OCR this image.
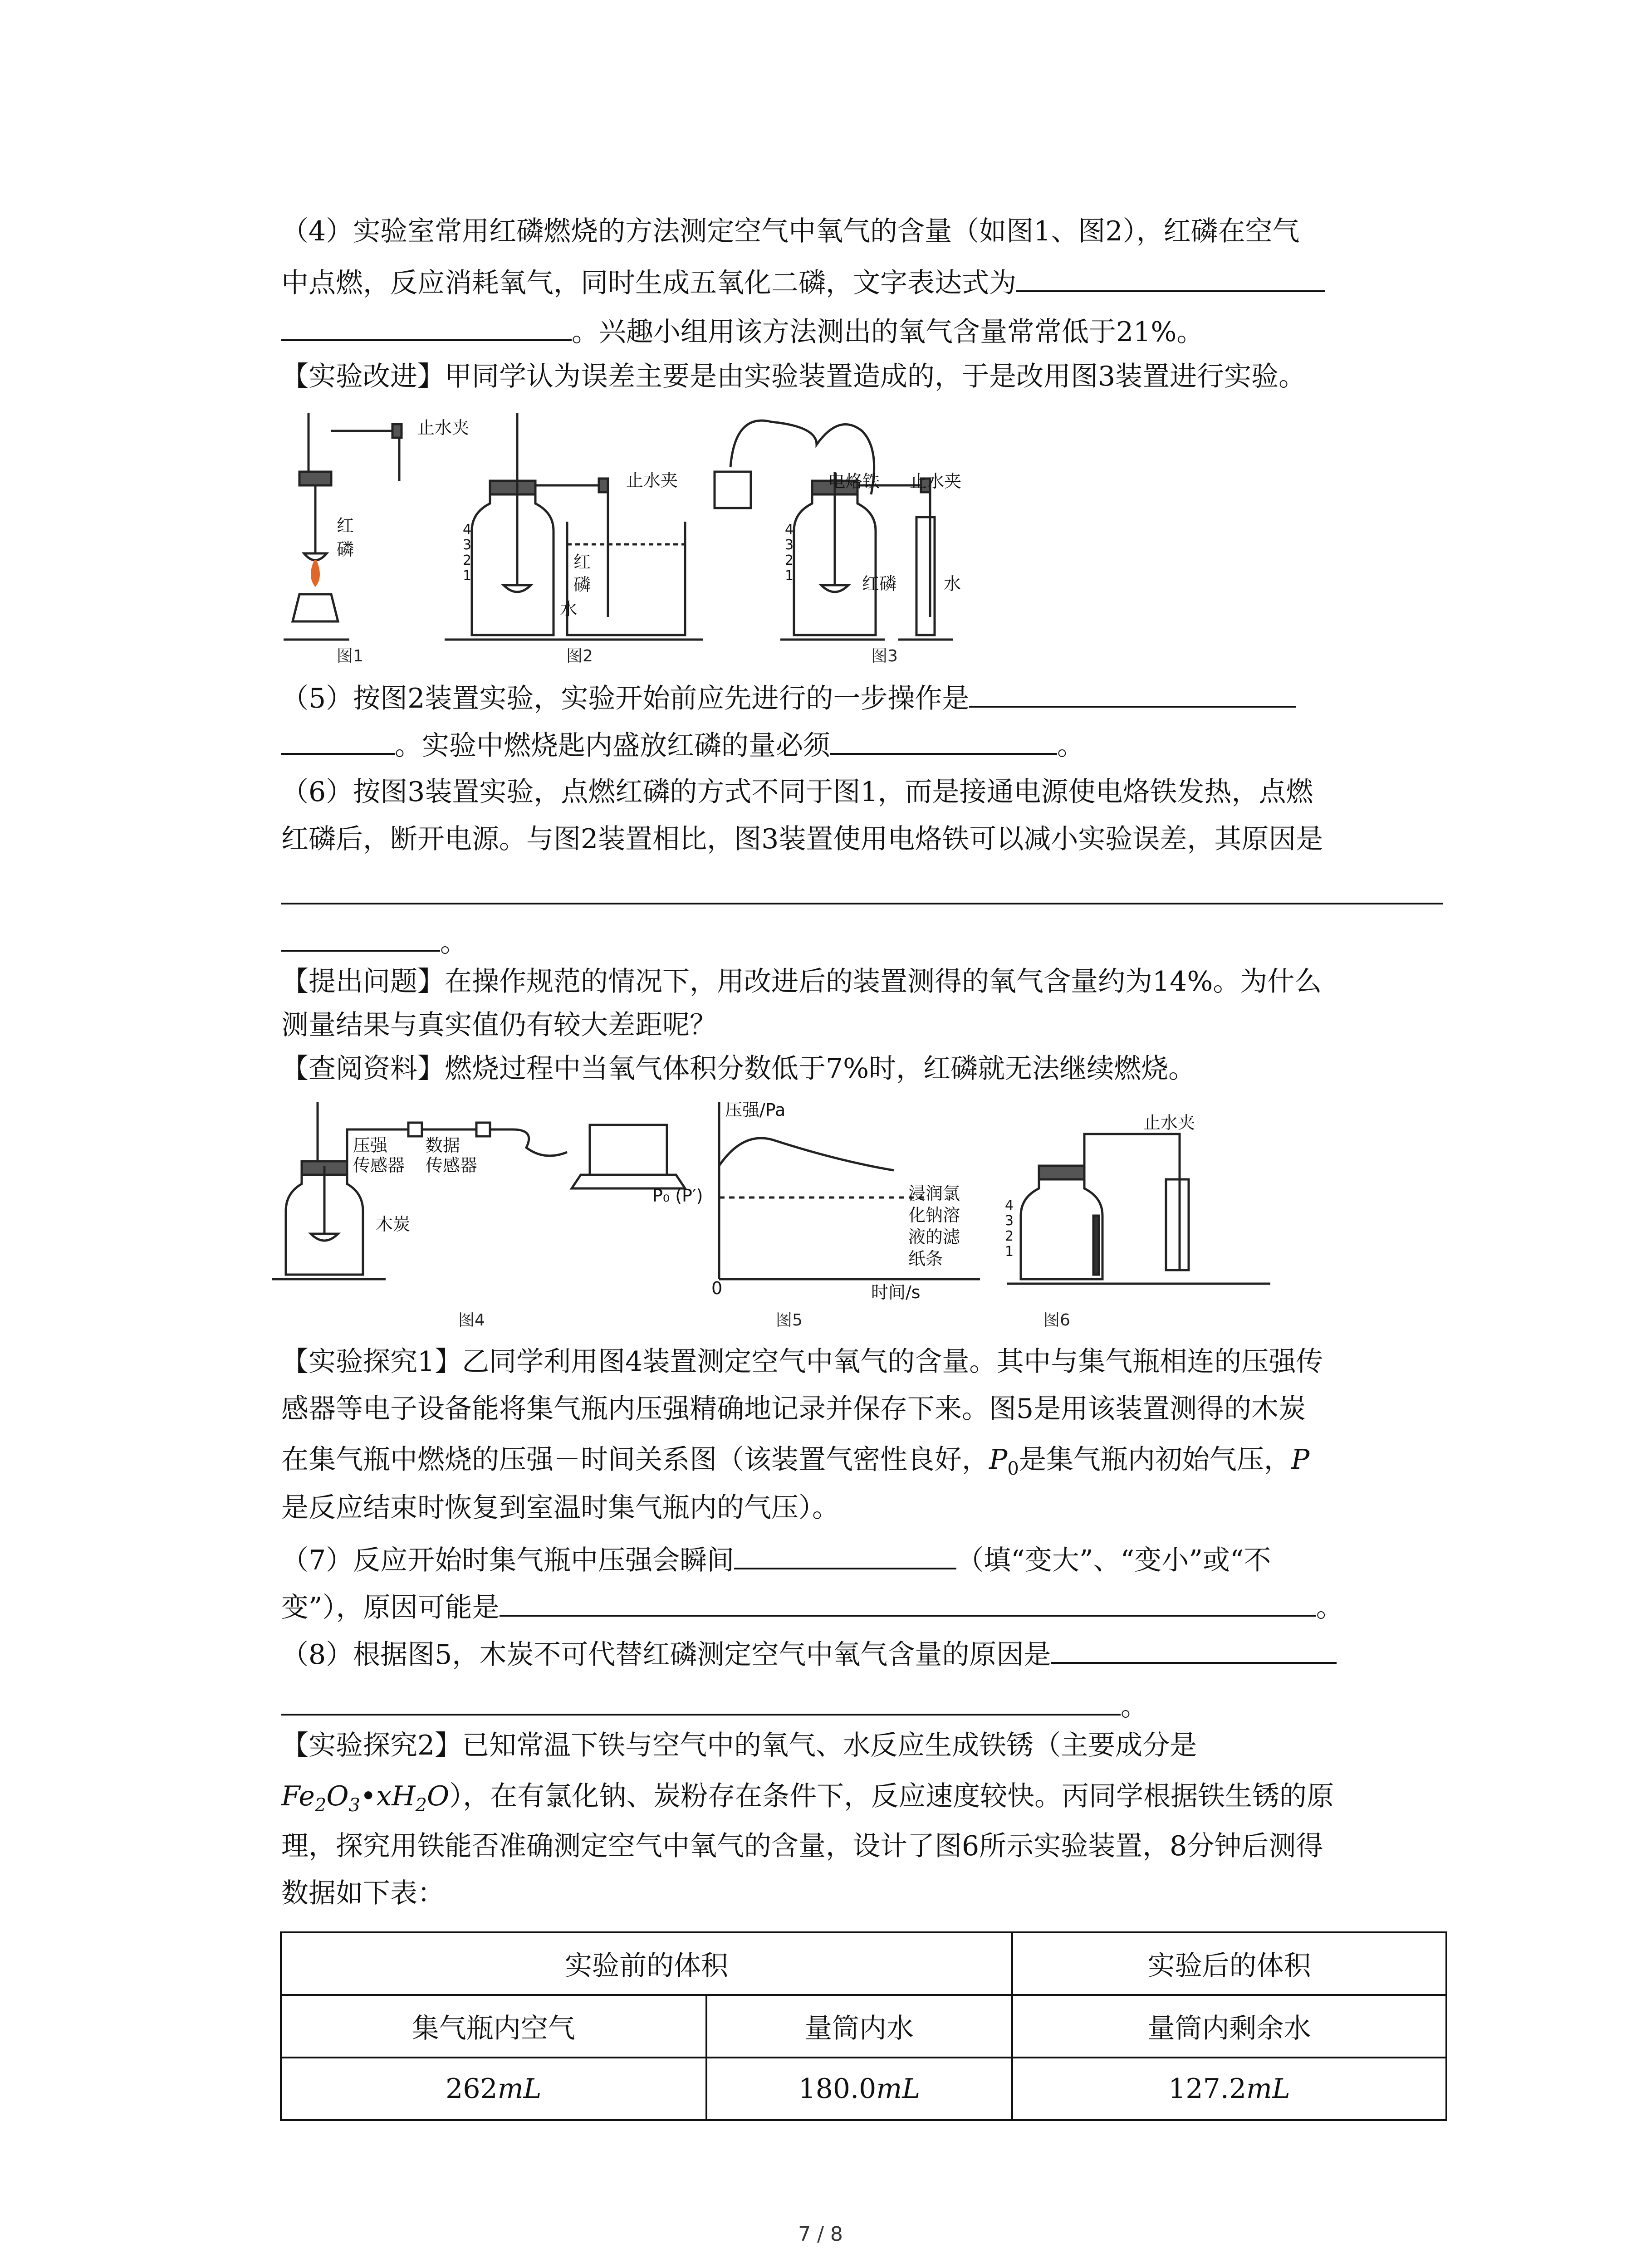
（4）实验室常用红磷燃烧的方法测定空气中氧气的含量（如图1、图2），红磷在空气
中点燃，反应消耗氧气，同时生成五氧化二磷，文字表达式为
。兴趣小组用该方法测出的氧气含量常常低于21%。
【实验改进】甲同学认为误差主要是由实验装置造成的，于是改用图3装置进行实验。
止水夹
红
磷
止水夹
红
磷
水
电烙铁 止水夹
红磷	水
图1	图2	图3
（5）按图2装置实验，实验开始前应先进行的一步操作是
。实验中燃烧匙内盛放红磷的量必须	。
（6）按图3装置实验，点燃红磷的方式不同于图1，而是接通电源使电烙铁发热，点燃
红磷后，断开电源。与图2装置相比，图3装置使用电烙铁可以减小实验误差，其原因是
。
【提出问题】在操作规范的情况下，用改进后的装置测得的氧气含量约为14%。为什么
测量结果与真实值仍有较大差距呢？
【查阅资料】燃烧过程中当氧气体积分数低于7%时，红磷就无法继续燃烧。
压强
传感器
数据
传感器
木炭
压强/Pa
时间/s
0
P₀ (P′)
止水夹
浸润氯
化钠溶
液的滤
纸条
图4	图5	图6
【实验探究1】乙同学利用图4装置测定空气中氧气的含量。其中与集气瓶相连的压强传
感器等电子设备能将集气瓶内压强精确地记录并保存下来。图5是用该装置测得的木炭
在集气瓶中燃烧的压强－时间关系图（该装置气密性良好，$P_0$是集气瓶内初始气压，P
是反应结束时恢复到室温时集气瓶内的气压）。
（7）反应开始时集气瓶中压强会瞬间	（填“变大”、“变小”或“不
变”），原因可能是	。
（8）根据图5，木炭不可代替红磷测定空气中氧气含量的原因是
。
【实验探究2】已知常温下铁与空气中的氧气、水反应生成铁锈（主要成分是
$Fe_2O_3•xH_2O$），在有氯化钠、炭粉存在条件下，反应速度较快。丙同学根据铁生锈的原
理，探究用铁能否准确测定空气中氧气的含量，设计了图6所示实验装置，8分钟后测得
数据如下表：
实验前的体积		实验后的体积
集气瓶内空气	量筒内水	量筒内剩余水
262mL	180.0mL	127.2mL
7 / 8
4
3
2
1
4
3
2
1
4
3
2
1
